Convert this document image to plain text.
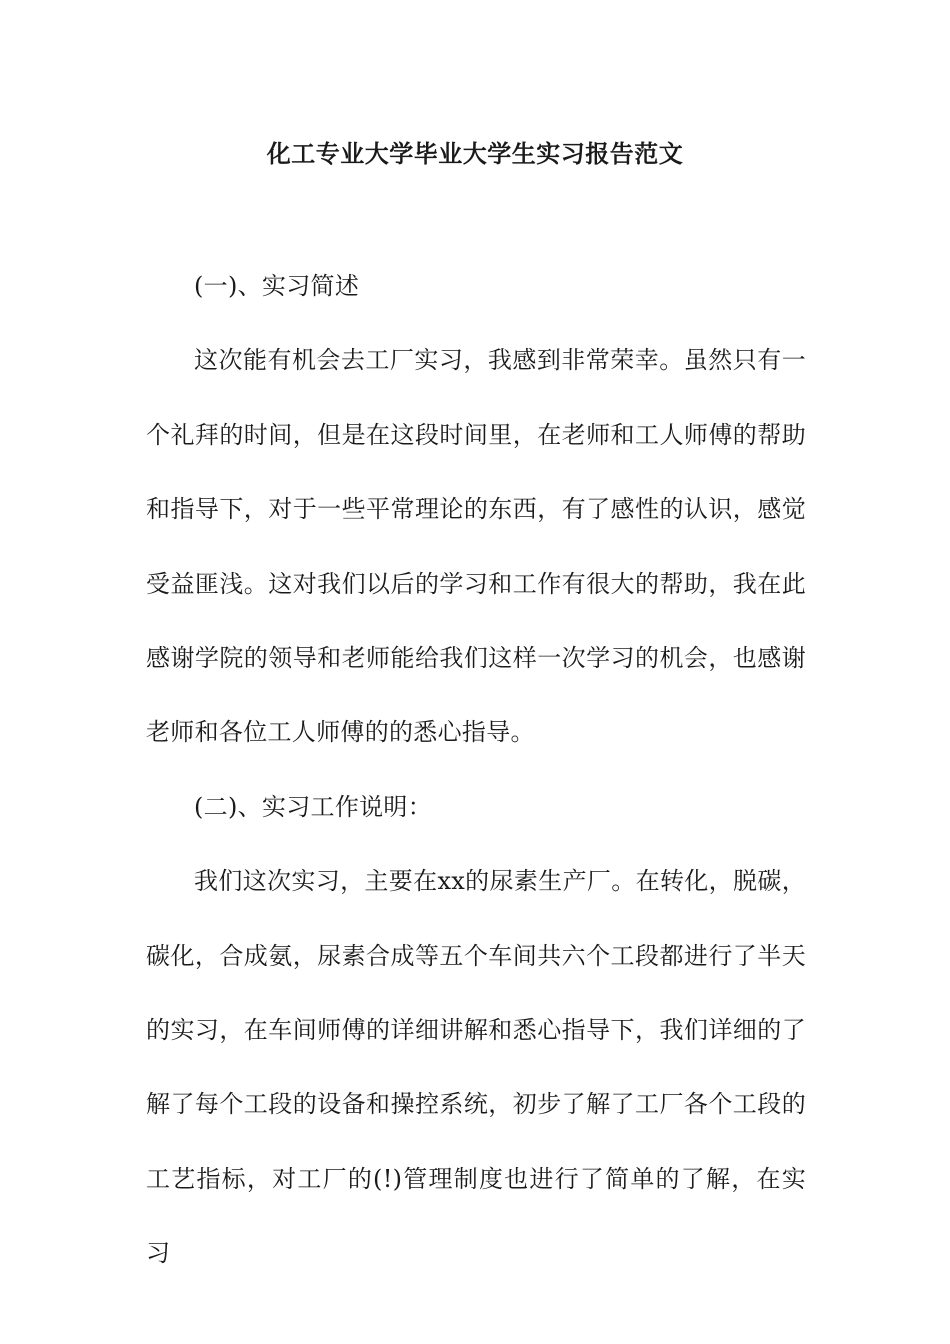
化工专业大学毕业大学生实习报告范文

(一)、实习简述

这次能有机会去工厂实习，我感到非常荣幸。虽然只有一个礼拜的时间，但是在这段时间里，在老师和工人师傅的帮助和指导下，对于一些平常理论的东西，有了感性的认识，感觉受益匪浅。这对我们以后的学习和工作有很大的帮助，我在此感谢学院的领导和老师能给我们这样一次学习的机会，也感谢老师和各位工人师傅的的悉心指导。

(二)、实习工作说明：

我们这次实习，主要在xx的尿素生产厂。在转化，脱碳，碳化，合成氨，尿素合成等五个车间共六个工段都进行了半天的实习，在车间师傅的详细讲解和悉心指导下，我们详细的了解了每个工段的设备和操控系统，初步了解了工厂各个工段的工艺指标，对工厂的(!)管理制度也进行了简单的了解，在实习
